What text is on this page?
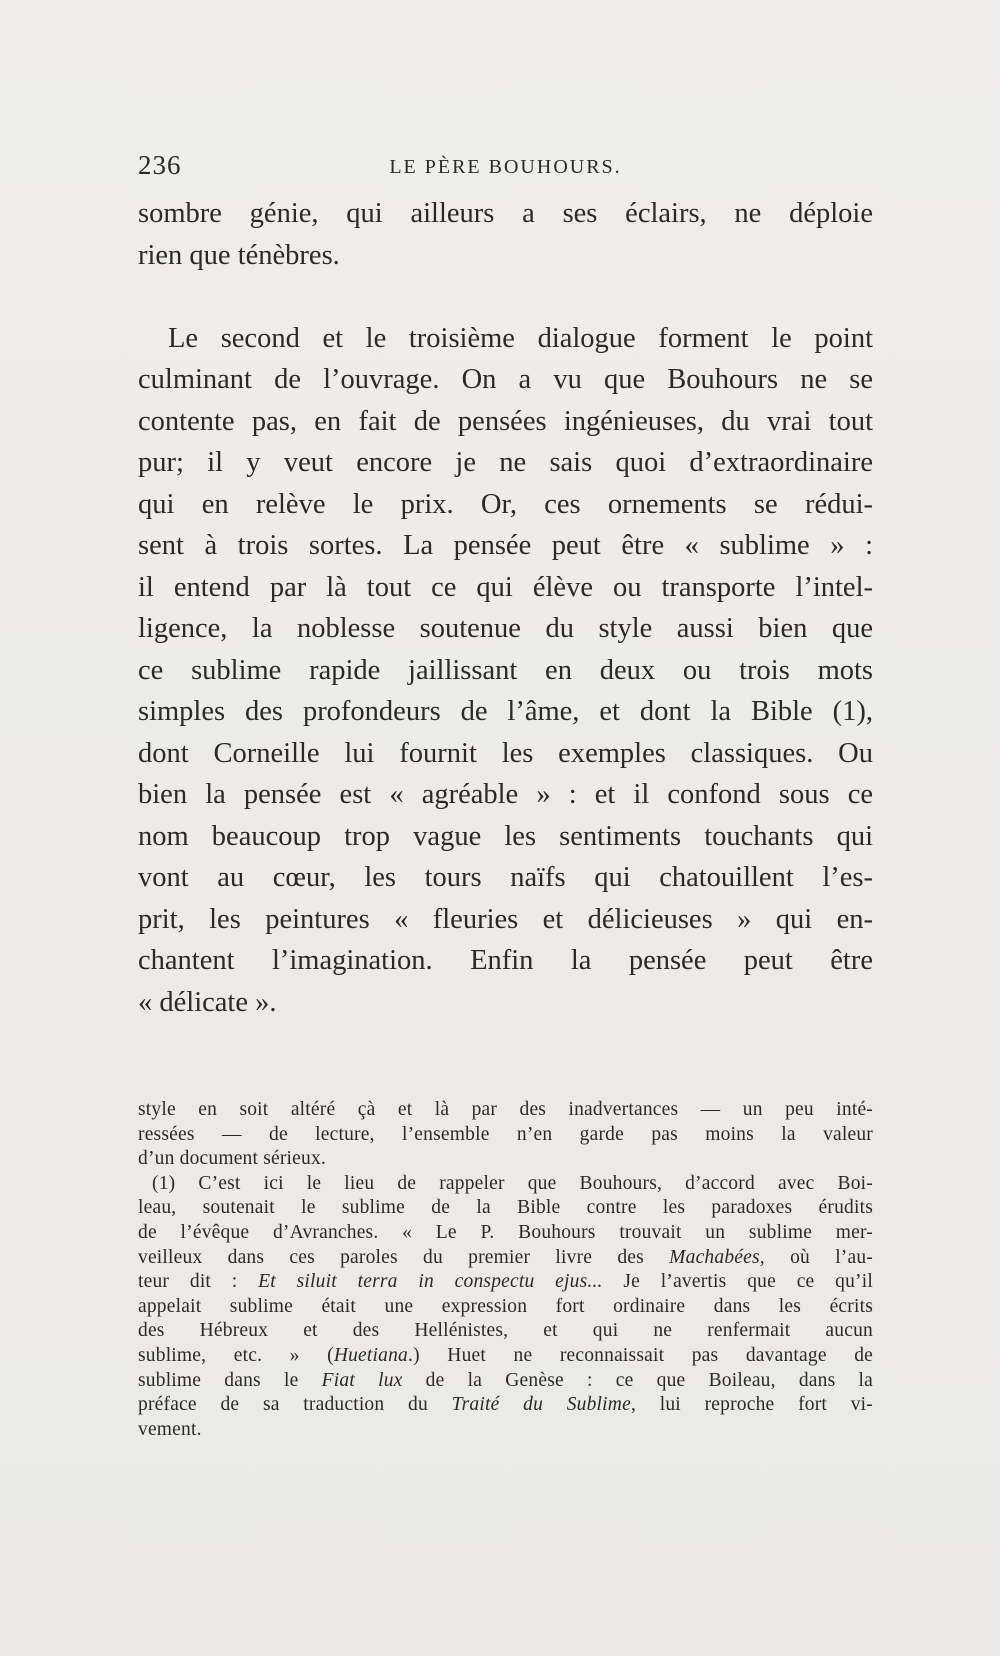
236	LE PÈRE BOUHOURS.
sombre génie, qui ailleurs a ses éclairs, ne déploie
rien que ténèbres.
Le second et le troisième dialogue forment le point
culminant de l’ouvrage. On a vu que Bouhours ne se
contente pas, en fait de pensées ingénieuses, du vrai tout
pur; il y veut encore je ne sais quoi d’extraordinaire
qui en relève le prix. Or, ces ornements se rédui-
sent à trois sortes. La pensée peut être « sublime » :
il entend par là tout ce qui élève ou transporte l’intel-
ligence, la noblesse soutenue du style aussi bien que
ce sublime rapide jaillissant en deux ou trois mots
simples des profondeurs de l’âme, et dont la Bible (1),
dont Corneille lui fournit les exemples classiques. Ou
bien la pensée est « agréable » : et il confond sous ce
nom beaucoup trop vague les sentiments touchants qui
vont au cœur, les tours naïfs qui chatouillent l’es-
prit, les peintures « fleuries et délicieuses » qui en-
chantent l’imagination. Enfin la pensée peut être
« délicate ».
style en soit altéré çà et là par des inadvertances — un peu inté-
ressées — de lecture, l’ensemble n’en garde pas moins la valeur
d’un document sérieux.
(1) C’est ici le lieu de rappeler que Bouhours, d’accord avec Boi-
leau, soutenait le sublime de la Bible contre les paradoxes érudits
de l’évêque d’Avranches. « Le P. Bouhours trouvait un sublime mer-
veilleux dans ces paroles du premier livre des Machabées, où l’au-
teur dit : Et siluit terra in conspectu ejus... Je l’avertis que ce qu’il
appelait sublime était une expression fort ordinaire dans les écrits
des Hébreux et des Hellénistes, et qui ne renfermait aucun
sublime, etc. » (Huetiana.) Huet ne reconnaissait pas davantage de
sublime dans le Fiat lux de la Genèse : ce que Boileau, dans la
préface de sa traduction du Traité du Sublime, lui reproche fort vi-
vement.
